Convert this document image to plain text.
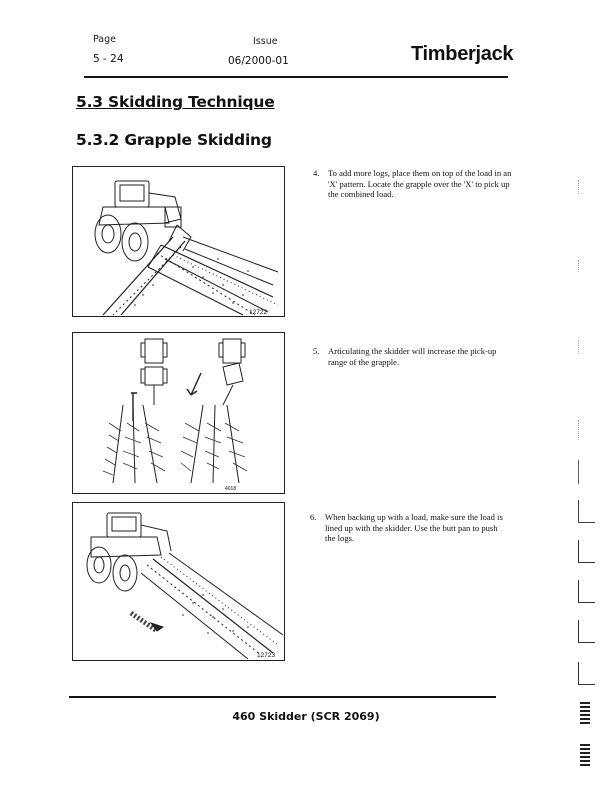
Page
5 - 24
Issue
06/2000-01	Timberjack
5.3 Skidding Technique
5.3.2 Grapple Skidding
12722
4018
12723
4. To add more logs, place them on top of the load in an 'X' pattern. Locate the grapple over the 'X' to pick up the combined load.
5. Articulating the skidder will increase the pick-up range of the grapple.
6. When backing up with a load, make sure the load is lined up with the skidder. Use the butt pan to push the logs.
460 Skidder (SCR 2069)
